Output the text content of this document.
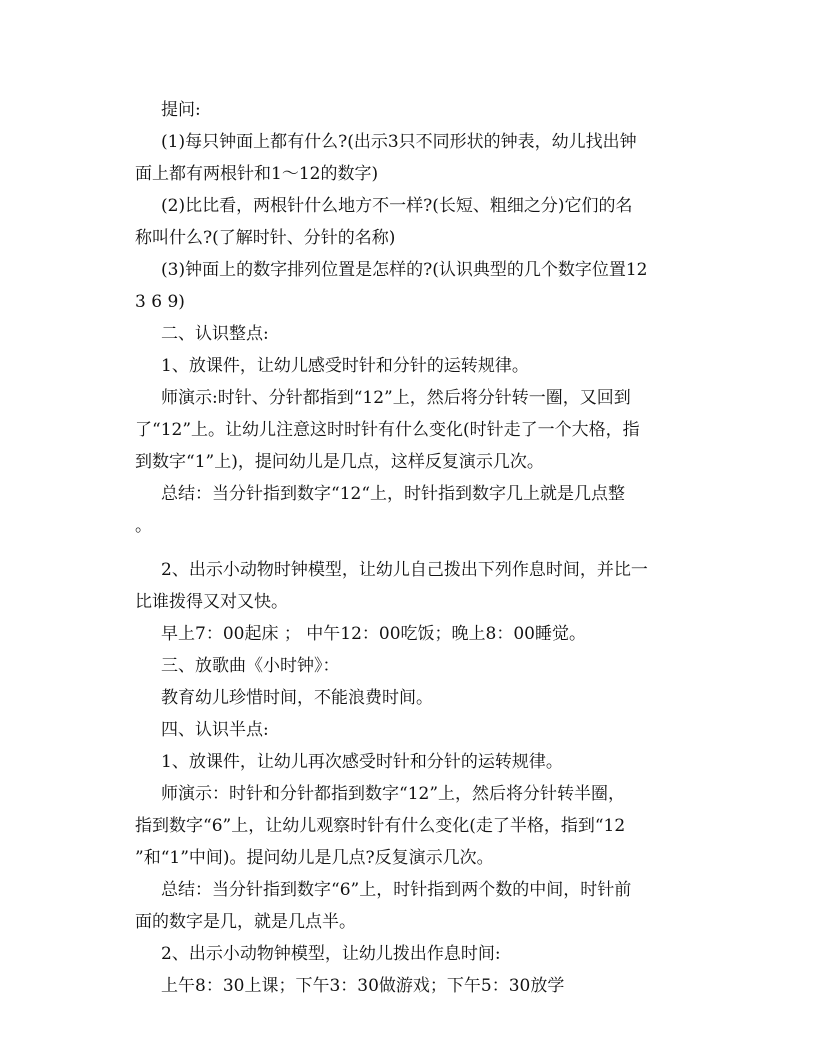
提问:
(1)每只钟面上都有什么?(出示3只不同形状的钟表，幼儿找出钟
面上都有两根针和1～12的数字)
(2)比比看，两根针什么地方不一样?(长短、粗细之分)它们的名
称叫什么?(了解时针、分针的名称)
(3)钟面上的数字排列位置是怎样的?(认识典型的几个数字位置12
3 6 9)
二、认识整点:
1、放课件，让幼儿感受时针和分针的运转规律。
师演示:时针、分针都指到“12”上，然后将分针转一圈，又回到
了“12”上。让幼儿注意这时时针有什么变化(时针走了一个大格，指
到数字“1”上)，提问幼儿是几点，这样反复演示几次。
总结：当分针指到数字“12“上，时针指到数字几上就是几点整
。
2、出示小动物时钟模型，让幼儿自己拨出下列作息时间，并比一
比谁拨得又对又快。
早上7：00起床 ； 中午12：00吃饭；晚上8：00睡觉。
三、放歌曲《小时钟》：
教育幼儿珍惜时间，不能浪费时间。
四、认识半点:
1、放课件，让幼儿再次感受时针和分针的运转规律。
师演示：时针和分针都指到数字“12”上，然后将分针转半圈，
指到数字“6”上，让幼儿观察时针有什么变化(走了半格，指到“12
”和“1”中间)。提问幼儿是几点?反复演示几次。
总结：当分针指到数字“6”上，时针指到两个数的中间，时针前
面的数字是几，就是几点半。
2、出示小动物钟模型，让幼儿拨出作息时间:
上午8：30上课；下午3：30做游戏；下午5：30放学
